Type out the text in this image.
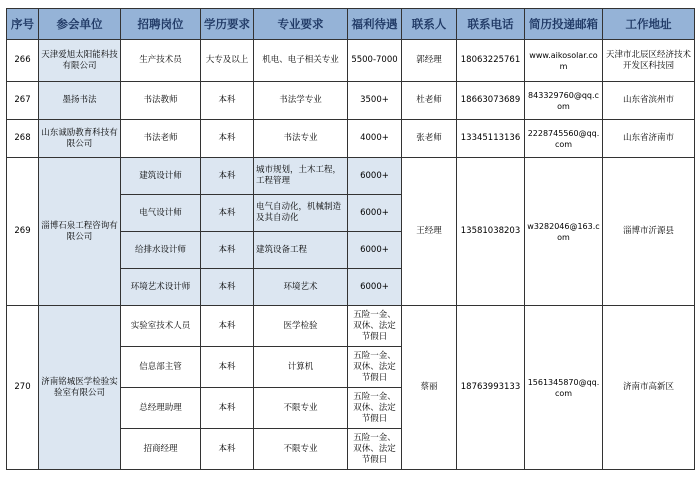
序号	参会单位	招聘岗位	学历要求	专业要求	福利待遇	联系人	联系电话	简历投递邮箱	工作地址
266	天津爱旭太阳能科技有限公司	生产技术员	大专及以上	机电、电子相关专业	5500-7000	郭经理	18063225761	www.aikosolar.com	天津市北辰区经济技术开发区科技园
267	墨扬书法	书法教师	本科	书法学专业	3500+	杜老师	18663073689	843329760@qq.com	山东省滨州市
268	山东诚励教育科技有限公司	书法老师	本科	书法专业	4000+	张老师	13345113136	2228745560@qq.com	山东省济南市
269	淄博石泉工程咨询有限公司	建筑设计师	本科	城市规划，土木工程，工程管理	6000+	王经理	13581038203	w3282046@163.com	淄博市沂源县
		电气设计师	本科	电气自动化，机械制造及其自动化	6000+				
		给排水设计师	本科	建筑设备工程	6000+				
		环境艺术设计师	本科	环境艺术	6000+				
270	济南铭城医学检验实验室有限公司	实验室技术人员	本科	医学检验	五险一金、双休、法定节假日	蔡丽	18763993133	1561345870@qq.com	济南市高新区
		信息部主管	本科	计算机	五险一金、双休、法定节假日				
		总经理助理	本科	不限专业	五险一金、双休、法定节假日				
		招商经理	本科	不限专业	五险一金、双休、法定节假日				
